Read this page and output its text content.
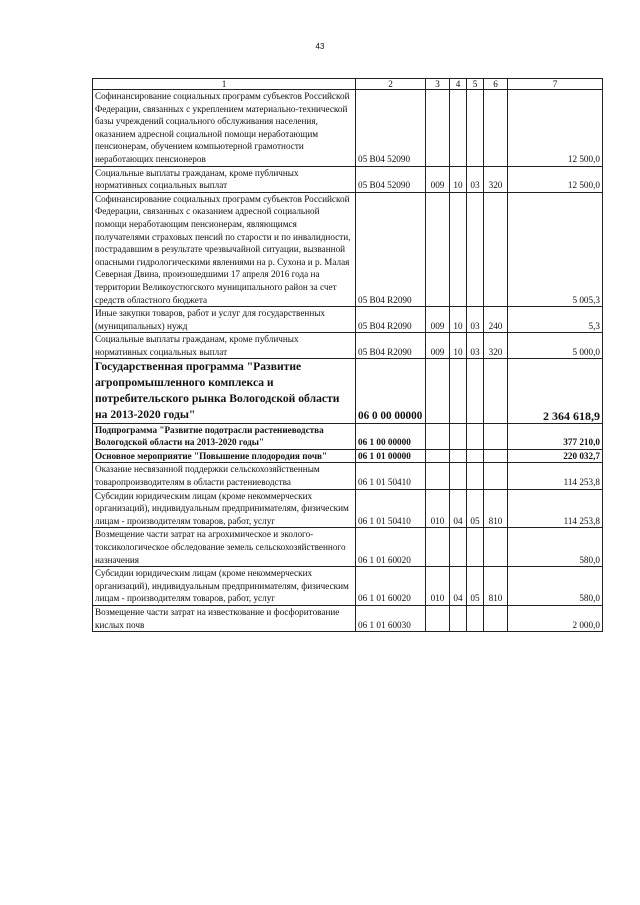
43
1	2	3	4	5	6	7
Софинансирование социальных программ субъектов Российской Федерации, связанных с укреплением материально-технической базы учреждений социального обслуживания населения, оказанием адресной социальной помощи неработающим пенсионерам, обучением компьютерной грамотности неработающих пенсионеров	05 В04 52090					12 500,0
Социальные выплаты гражданам, кроме публичных нормативных социальных выплат	05 В04 52090	009	10	03	320	12 500,0
Софинансирование социальных программ субъектов Российской Федерации, связанных с оказанием адресной социальной помощи неработающим пенсионерам, являющимся получателями страховых пенсий по старости и по инвалидности, пострадавшим в результате чрезвычайной ситуации, вызванной опасными гидрологическими явлениями на р. Сухона и р. Малая Северная Двина, произошедшими 17 апреля 2016 года на территории Великоустюгского муниципального район за счет средств областного бюджета	05 В04 R2090					5 005,3
Иные закупки товаров, работ и услуг для государственных (муниципальных) нужд	05 В04 R2090	009	10	03	240	5,3
Социальные выплаты гражданам, кроме публичных нормативных социальных выплат	05 В04 R2090	009	10	03	320	5 000,0
Государственная программа "Развитие агропромышленного комплекса и потребительского рынка Вологодской области на 2013-2020 годы"	06 0 00 00000					2 364 618,9
Подпрограмма "Развитие подотрасли растениеводства Вологодской области на 2013-2020 годы"	06 1 00 00000					377 210,0
Основное мероприятие "Повышение плодородия почв"	06 1 01 00000					220 032,7
Оказание несвязанной поддержки сельскохозяйственным товаропроизводителям в области растениеводства	06 1 01 50410					114 253,8
Субсидии юридическим лицам (кроме некоммерческих организаций), индивидуальным предпринимателям, физическим лицам - производителям товаров, работ, услуг	06 1 01 50410	010	04	05	810	114 253,8
Возмещение части затрат на агрохимическое и эколого-токсикологическое обследование земель сельскохозяйственного назначения	06 1 01 60020					580,0
Субсидии юридическим лицам (кроме некоммерческих организаций), индивидуальным предпринимателям, физическим лицам - производителям товаров, работ, услуг	06 1 01 60020	010	04	05	810	580,0
Возмещение части затрат на известкование и фосфоритование кислых почв	06 1 01 60030					2 000,0
